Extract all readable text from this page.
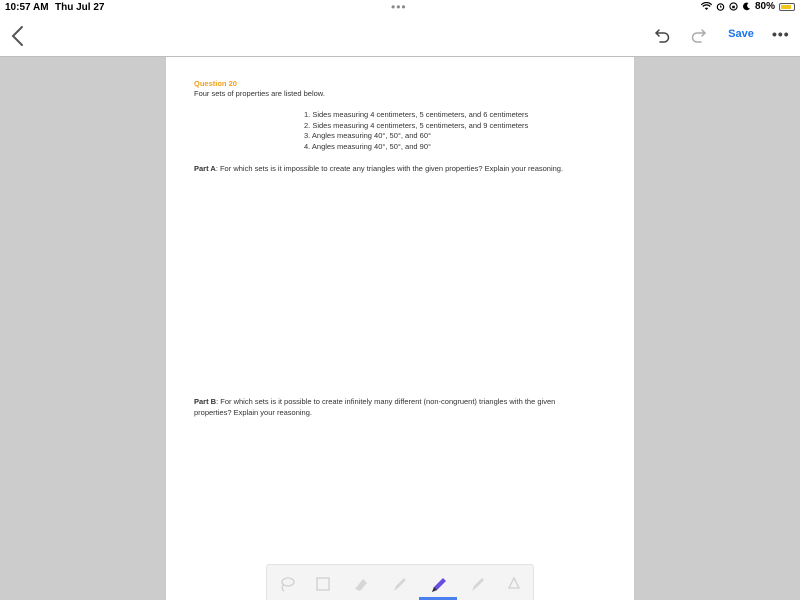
10:57 AM Thu Jul 27	•••	80%
Save	•••
Question 20
Four sets of properties are listed below.
1. Sides measuring 4 centimeters, 5 centimeters, and 6 centimeters
2. Sides measuring 4 centimeters, 5 centimeters, and 9 centimeters
3. Angles measuring 40°, 50°, and 60°
4. Angles measuring 40°, 50°, and 90°
Part A: For which sets is it impossible to create any triangles with the given properties? Explain your reasoning.
Part B: For which sets is it possible to create infinitely many different (non-congruent) triangles with the given properties? Explain your reasoning.
